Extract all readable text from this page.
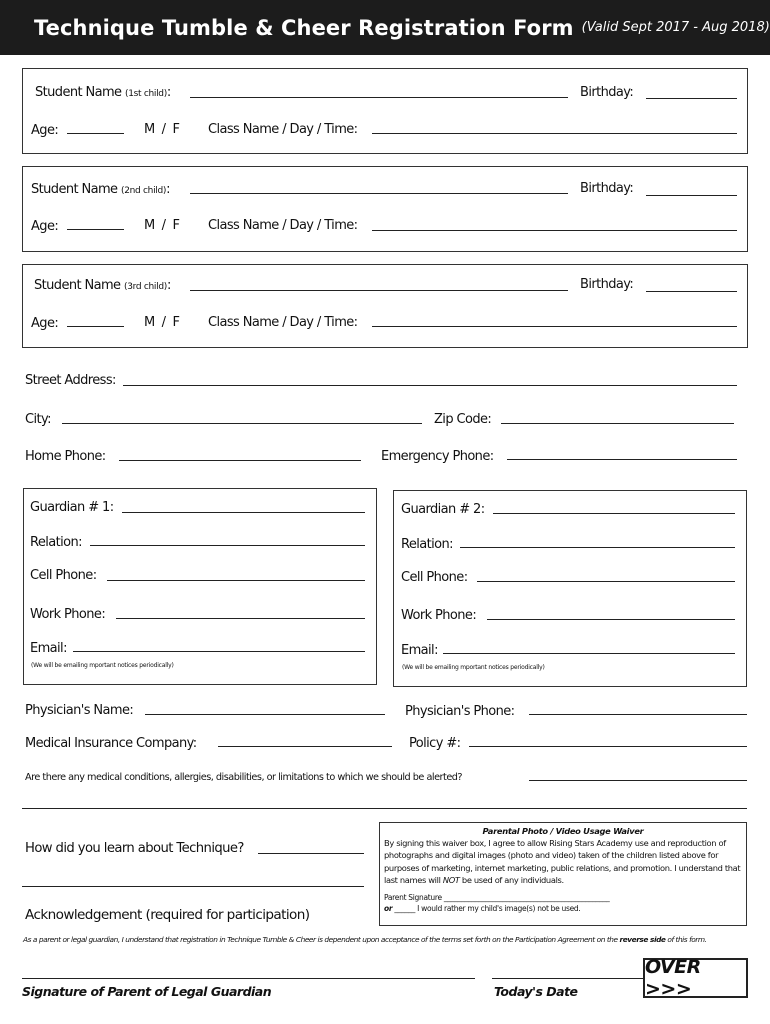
Technique Tumble & Cheer Registration Form (Valid Sept 2017 - Aug 2018)
Student Name (1st child):	Birthday:
Age:	M  /  F Class Name / Day / Time:
Student Name (2nd child):	Birthday:
Age:	M  /  F Class Name / Day / Time:
Student Name (3rd child):	Birthday:
Age:	M  /  F Class Name / Day / Time:
Street Address:
City:	Zip Code:
Home Phone:	Emergency Phone:
Guardian # 1:
Relation:
Cell Phone:
Work Phone:
Email:
(We will be emailing mportant notices periodically)
Guardian # 2:
Relation:
Cell Phone:
Work Phone:
Email:
(We will be emailing mportant notices periodically)
Physician's Name:	Physician's Phone:
Medical Insurance Company:	Policy #:
Are there any medical conditions, allergies, disabilities, or limitations to which we should be alerted?
How did you learn about Technique?
Parental Photo / Video Usage Waiver
By signing this waiver box, I agree to allow Rising Stars Academy use and reproduction of photographs and digital images (photo and video) taken of the children listed above for purposes of marketing, internet marketing, public relations, and promotion. I understand that last names will NOT be used of any individuals.
Parent Signature ________________________________________________
or ______ I would rather my child's image(s) not be used.
Acknowledgement (required for participation)
As a parent or legal guardian, I understand that registration in Technique Tumble & Cheer is dependent upon acceptance of the terms set forth on the Participation Agreement on the reverse side of this form.
Signature of Parent of Legal Guardian	Today's Date
OVER >>>
